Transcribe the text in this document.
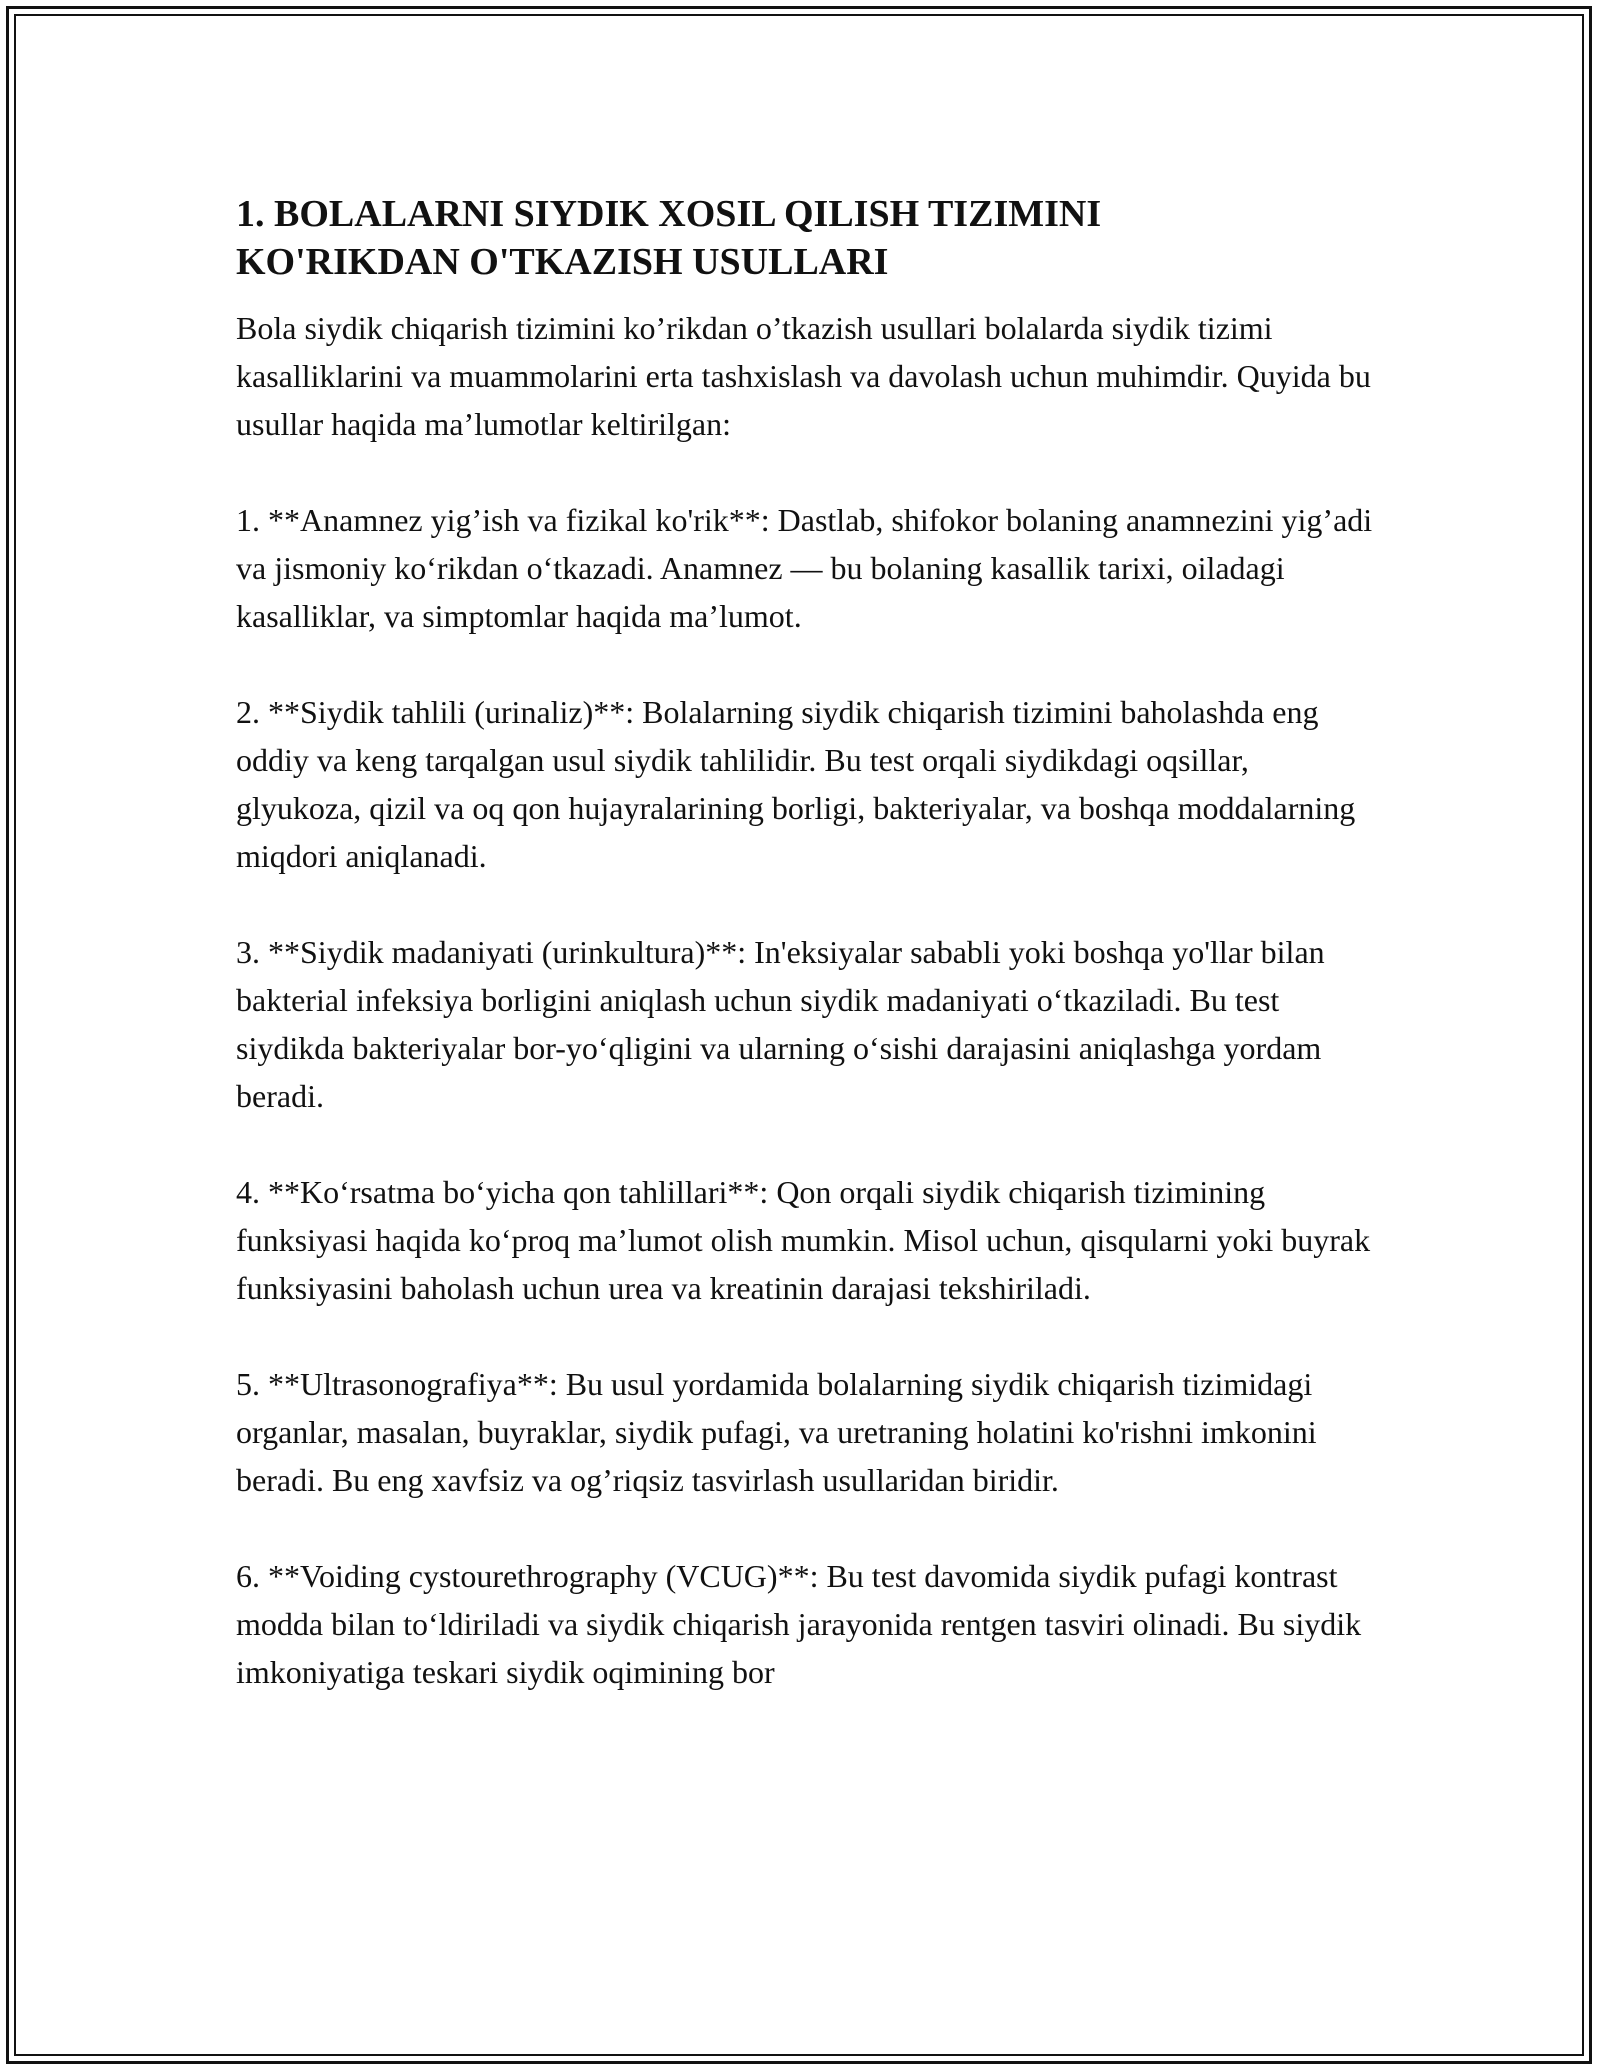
1. BOLALARNI SIYDIK XOSIL QILISH TIZIMINI
KO'RIKDAN O'TKAZISH USULLARI

Bola siydik chiqarish tizimini ko’rikdan o’tkazish usullari bolalarda siydik tizimi kasalliklarini va muammolarini erta tashxislash va davolash uchun muhimdir. Quyida bu usullar haqida ma’lumotlar keltirilgan:

1. **Anamnez yig’ish va fizikal ko'rik**: Dastlab, shifokor bolaning anamnezini yig’adi va jismoniy ko‘rikdan o‘tkazadi. Anamnez — bu bolaning kasallik tarixi, oiladagi kasalliklar, va simptomlar haqida ma’lumot.

2. **Siydik tahlili (urinaliz)**: Bolalarning siydik chiqarish tizimini baholashda eng oddiy va keng tarqalgan usul siydik tahlilidir. Bu test orqali siydikdagi oqsillar, glyukoza, qizil va oq qon hujayralarining borligi, bakteriyalar, va boshqa moddalarning miqdori aniqlanadi.

3. **Siydik madaniyati (urinkultura)**: In'eksiyalar sababli yoki boshqa yo'llar bilan bakterial infeksiya borligini aniqlash uchun siydik madaniyati o‘tkaziladi. Bu test siydikda bakteriyalar bor-yo‘qligini va ularning o‘sishi darajasini aniqlashga yordam beradi.

4. **Ko‘rsatma bo‘yicha qon tahlillari**: Qon orqali siydik chiqarish tizimining funksiyasi haqida ko‘proq ma’lumot olish mumkin. Misol uchun, qisqularni yoki buyrak funksiyasini baholash uchun urea va kreatinin darajasi tekshiriladi.

5. **Ultrasonografiya**: Bu usul yordamida bolalarning siydik chiqarish tizimidagi organlar, masalan, buyraklar, siydik pufagi, va uretraning holatini ko'rishni imkonini beradi. Bu eng xavfsiz va og’riqsiz tasvirlash usullaridan biridir.

6. **Voiding cystourethrography (VCUG)**: Bu test davomida siydik pufagi kontrast modda bilan to‘ldiriladi va siydik chiqarish jarayonida rentgen tasviri olinadi. Bu siydik imkoniyatiga teskari siydik oqimining bor
